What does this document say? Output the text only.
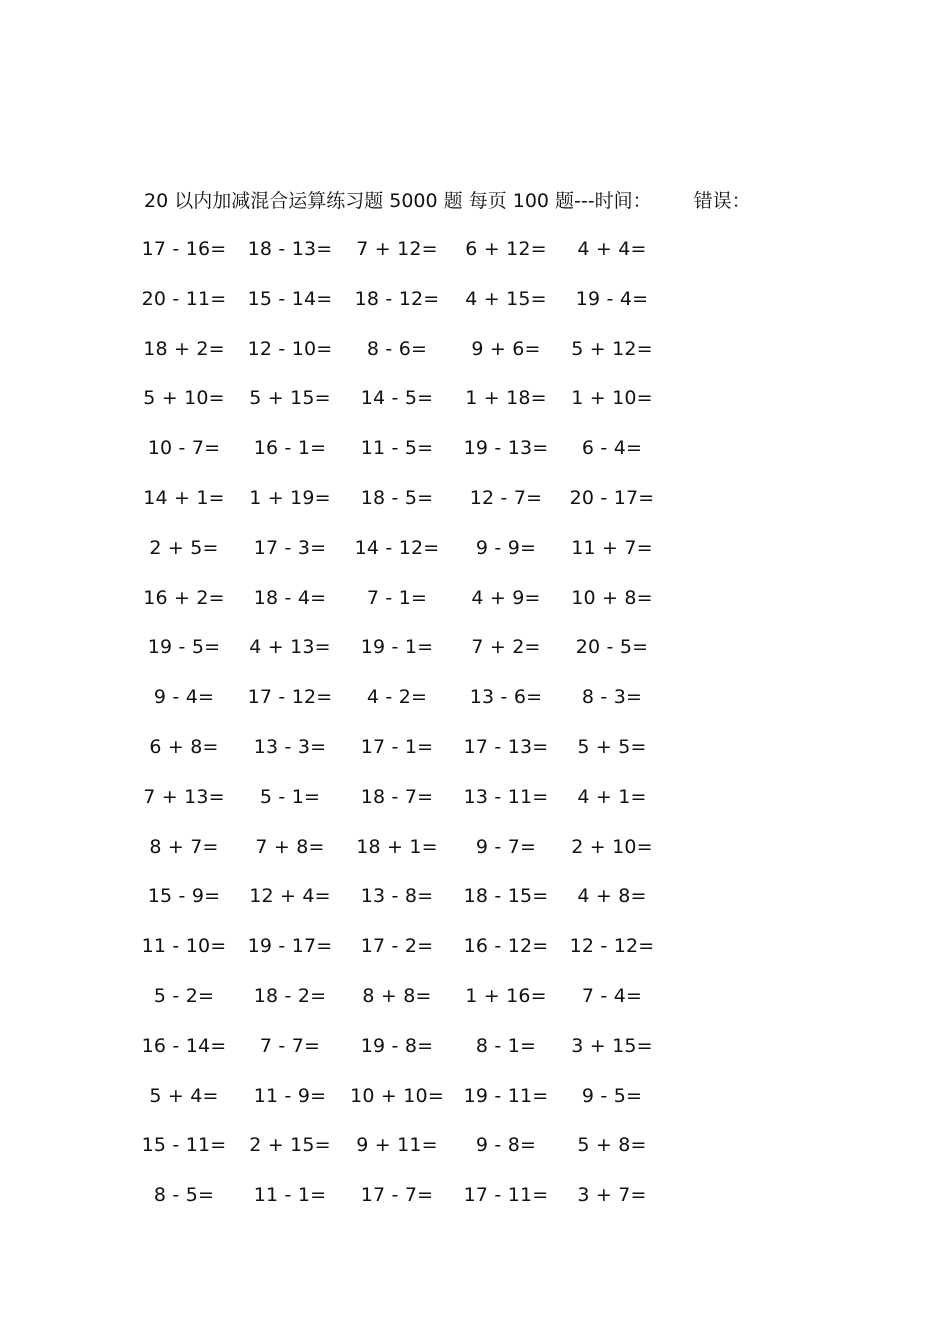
20 以内加减混合运算练习题 5000 题 每页 100 题---时间： 错误：
17 - 16= 18 - 13= 7 + 12= 6 + 12= 4 + 4=
20 - 11= 15 - 14= 18 - 12= 4 + 15= 19 - 4=
18 + 2= 12 - 10= 8 - 6= 9 + 6= 5 + 12=
5 + 10= 5 + 15= 14 - 5= 1 + 18= 1 + 10=
10 - 7= 16 - 1= 11 - 5= 19 - 13= 6 - 4=
14 + 1= 1 + 19= 18 - 5= 12 - 7= 20 - 17=
2 + 5= 17 - 3= 14 - 12= 9 - 9= 11 + 7=
16 + 2= 18 - 4= 7 - 1= 4 + 9= 10 + 8=
19 - 5= 4 + 13= 19 - 1= 7 + 2= 20 - 5=
9 - 4= 17 - 12= 4 - 2= 13 - 6= 8 - 3=
6 + 8= 13 - 3= 17 - 1= 17 - 13= 5 + 5=
7 + 13= 5 - 1= 18 - 7= 13 - 11= 4 + 1=
8 + 7= 7 + 8= 18 + 1= 9 - 7= 2 + 10=
15 - 9= 12 + 4= 13 - 8= 18 - 15= 4 + 8=
11 - 10= 19 - 17= 17 - 2= 16 - 12= 12 - 12=
5 - 2= 18 - 2= 8 + 8= 1 + 16= 7 - 4=
16 - 14= 7 - 7= 19 - 8= 8 - 1= 3 + 15=
5 + 4= 11 - 9= 10 + 10= 19 - 11= 9 - 5=
15 - 11= 2 + 15= 9 + 11= 9 - 8= 5 + 8=
8 - 5= 11 - 1= 17 - 7= 17 - 11= 3 + 7=
